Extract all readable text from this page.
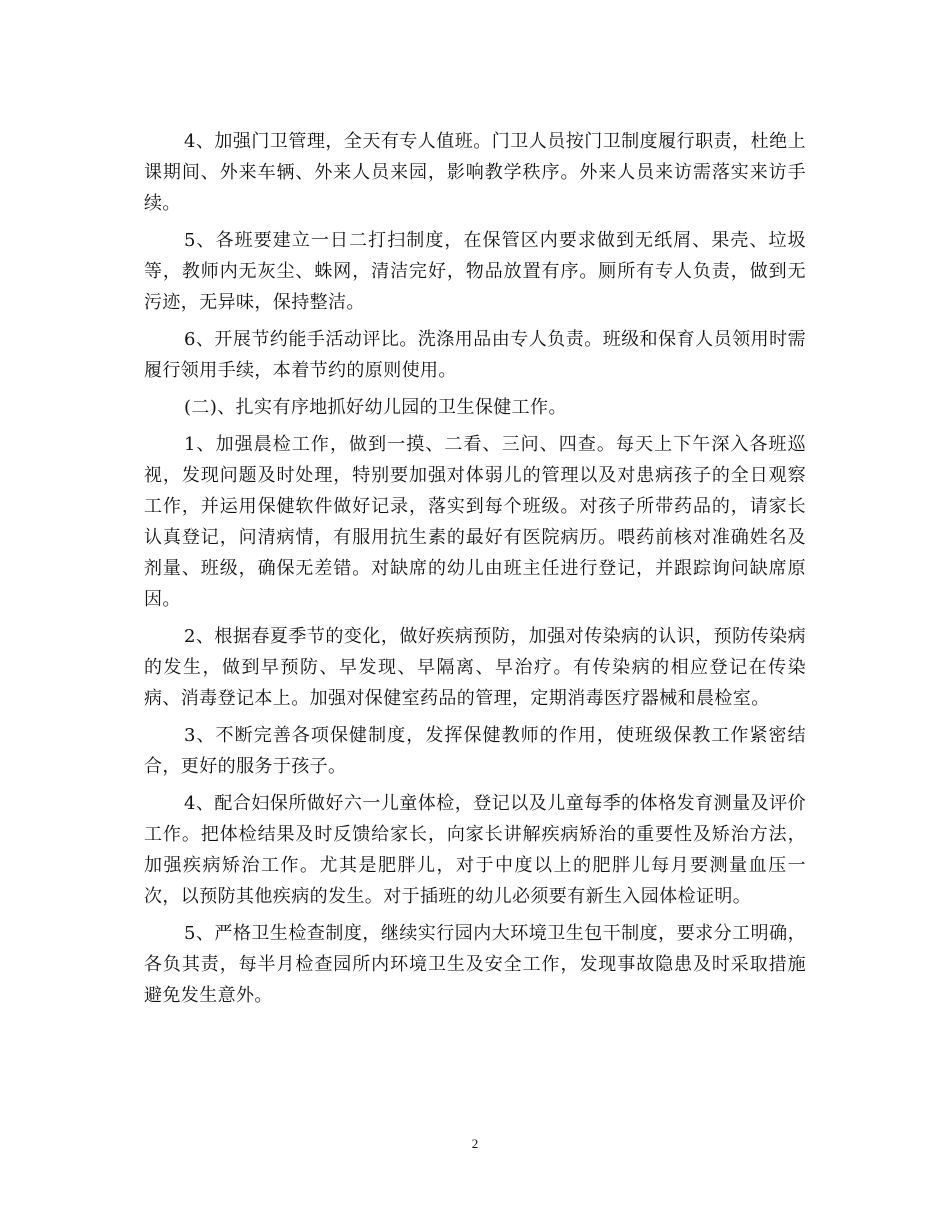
4、加强门卫管理，全天有专人值班。门卫人员按门卫制度履行职责，杜绝上课期间、外来车辆、外来人员来园，影响教学秩序。外来人员来访需落实来访手续。

5、各班要建立一日二打扫制度，在保管区内要求做到无纸屑、果壳、垃圾等，教师内无灰尘、蛛网，清洁完好，物品放置有序。厕所有专人负责，做到无污迹，无异味，保持整洁。

6、开展节约能手活动评比。洗涤用品由专人负责。班级和保育人员领用时需履行领用手续，本着节约的原则使用。

(二)、扎实有序地抓好幼儿园的卫生保健工作。

1、加强晨检工作，做到一摸、二看、三问、四查。每天上下午深入各班巡视，发现问题及时处理，特别要加强对体弱儿的管理以及对患病孩子的全日观察工作，并运用保健软件做好记录，落实到每个班级。对孩子所带药品的，请家长认真登记，问清病情，有服用抗生素的最好有医院病历。喂药前核对准确姓名及剂量、班级，确保无差错。对缺席的幼儿由班主任进行登记，并跟踪询问缺席原因。

2、根据春夏季节的变化，做好疾病预防，加强对传染病的认识，预防传染病的发生，做到早预防、早发现、早隔离、早治疗。有传染病的相应登记在传染病、消毒登记本上。加强对保健室药品的管理，定期消毒医疗器械和晨检室。

3、不断完善各项保健制度，发挥保健教师的作用，使班级保教工作紧密结合，更好的服务于孩子。

4、配合妇保所做好六一儿童体检，登记以及儿童每季的体格发育测量及评价工作。把体检结果及时反馈给家长，向家长讲解疾病矫治的重要性及矫治方法，加强疾病矫治工作。尤其是肥胖儿，对于中度以上的肥胖儿每月要测量血压一次，以预防其他疾病的发生。对于插班的幼儿必须要有新生入园体检证明。

5、严格卫生检查制度，继续实行园内大环境卫生包干制度，要求分工明确，各负其责，每半月检查园所内环境卫生及安全工作，发现事故隐患及时采取措施避免发生意外。

2
